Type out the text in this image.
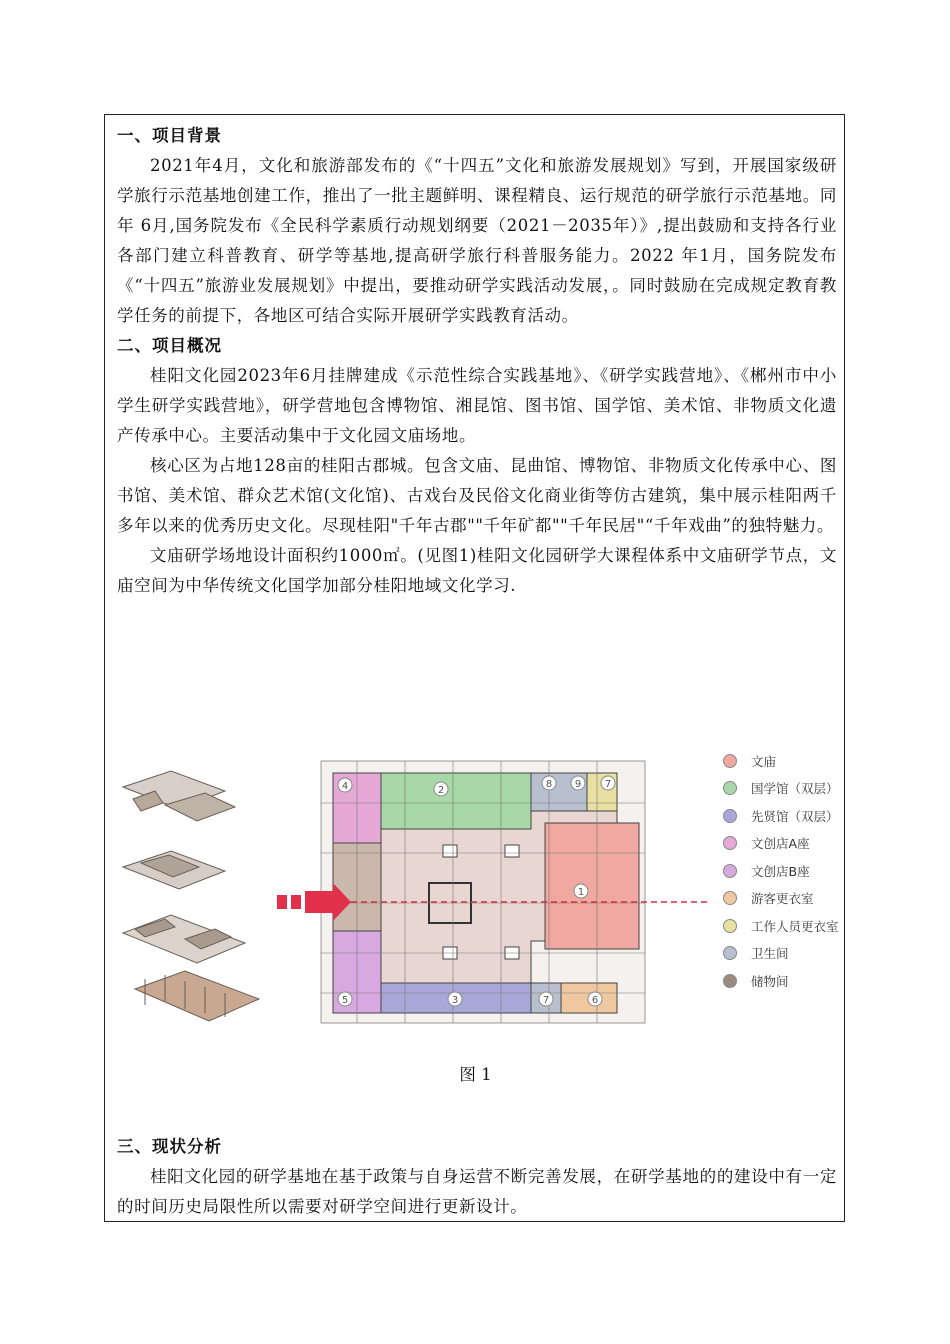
一、项目背景

2021年4月，文化和旅游部发布的《“十四五”文化和旅游发展规划》写到，开展国家级研学旅行示范基地创建工作，推出了一批主题鲜明、课程精良、运行规范的研学旅行示范基地。同年 6月,国务院发布《全民科学素质行动规划纲要（2021－2035年）》,提出鼓励和支持各行业各部门建立科普教育、研学等基地,提高研学旅行科普服务能力。2022 年1月，国务院发布《“十四五”旅游业发展规划》中提出，要推动研学实践活动发展，。同时鼓励在完成规定教育教学任务的前提下，各地区可结合实际开展研学实践教育活动。

二、项目概况

桂阳文化园2023年6月挂牌建成《示范性综合实践基地》、《研学实践营地》、《郴州市中小学生研学实践营地》，研学营地包含博物馆、湘昆馆、图书馆、国学馆、美术馆、非物质文化遗产传承中心。主要活动集中于文化园文庙场地。

核心区为占地128亩的桂阳古郡城。包含文庙、昆曲馆、博物馆、非物质文化传承中心、图书馆、美术馆、群众艺术馆(文化馆)、古戏台及民俗文化商业街等仿古建筑，集中展示桂阳两千多年以来的优秀历史文化。尽现桂阳"千年古郡""千年矿都""千年民居"“千年戏曲”的独特魅力。

文庙研学场地设计面积约1000㎡。(见图1)桂阳文化园研学大课程体系中文庙研学节点，文庙空间为中华传统文化国学加部分桂阳地域文化学习.

4	2
8 9 7
1
5	3	7	6
文庙
国学馆（双层）
先贤馆（双层）
文创店A座
文创店B座
游客更衣室
工作人员更衣室
卫生间
储物间
图 1
三、现状分析

桂阳文化园的研学基地在基于政策与自身运营不断完善发展，在研学基地的的建设中有一定的时间历史局限性所以需要对研学空间进行更新设计。
